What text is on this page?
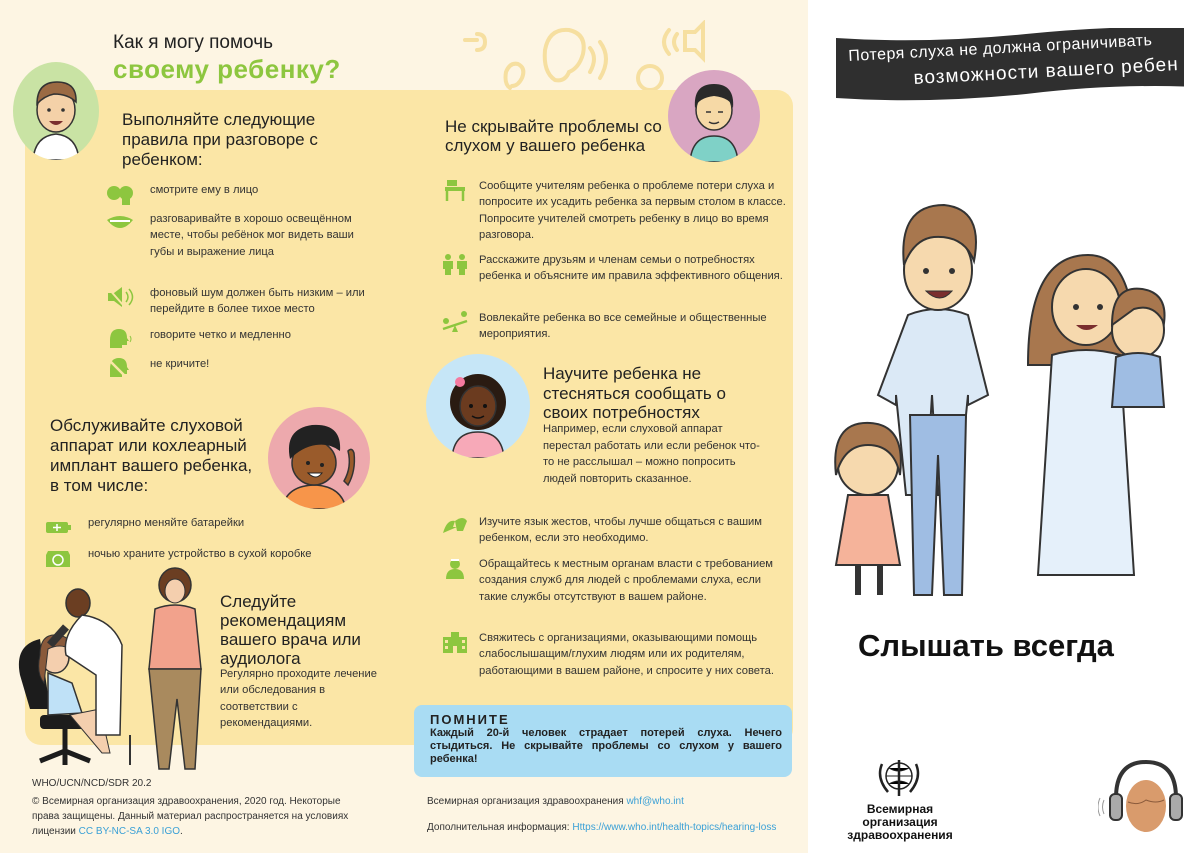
Как я могу помочь
своему ребенку?
Выполняйте следующие правила при разговоре с ребенком:
смотрите ему в лицо
разговаривайте в хорошо освещённом месте, чтобы ребёнок мог видеть ваши губы и выражение лица
фоновый шум должен быть низким – или перейдите в более тихое место
говорите четко и медленно
не кричите!
Обслуживайте слуховой аппарат или кохлеарный имплант вашего ребенка, в том числе:
регулярно меняйте батарейки
ночью храните устройство в сухой коробке
Следуйте рекомендациям вашего врача или аудиолога
Регулярно проходите лечение или обследования в соответствии с рекомендациями.
Не скрывайте проблемы со слухом у вашего ребенка
Сообщите учителям ребенка о проблеме потери слуха и попросите их усадить ребенка за первым столом в классе. Попросите учителей смотреть ребенку в лицо во время разговора.
Расскажите друзьям и членам семьи о потребностях ребенка и объясните им правила эффективного общения.
Вовлекайте ребенка во все семейные и общественные мероприятия.
Научите ребенка не стесняться сообщать о своих потребностях
Например, если слуховой аппарат перестал работать или если ребенок что-то не расслышал – можно попросить людей повторить сказанное.
Изучите язык жестов, чтобы лучше общаться с вашим ребенком, если это необходимо.
Обращайтесь к местным органам власти с требованием создания служб для людей с проблемами слуха, если такие службы отсутствуют в вашем районе.
Свяжитесь с организациями, оказывающими помощь слабослышащим/глухим людям или их родителям, работающими в вашем районе, и спросите у них совета.
ПОМНИТЕ
Каждый 20-й человек страдает потерей слуха. Нечего стыдиться. Не скрывайте проблемы со слухом у вашего ребенка!
WHO/UCN/NCD/SDR 20.2
© Всемирная организация здравоохранения, 2020 год. Некоторые права защищены. Данный материал распространяется на условиях лицензии CC BY-NC-SA 3.0 IGO.
Всемирная организация здравоохранения whf@who.int
Дополнительная информация: Https://www.who.int/health-topics/hearing-loss
Потеря слуха не должна ограничивать
возможности вашего ребен
Слышать всегда
Всемирная организация
здравоохранения
